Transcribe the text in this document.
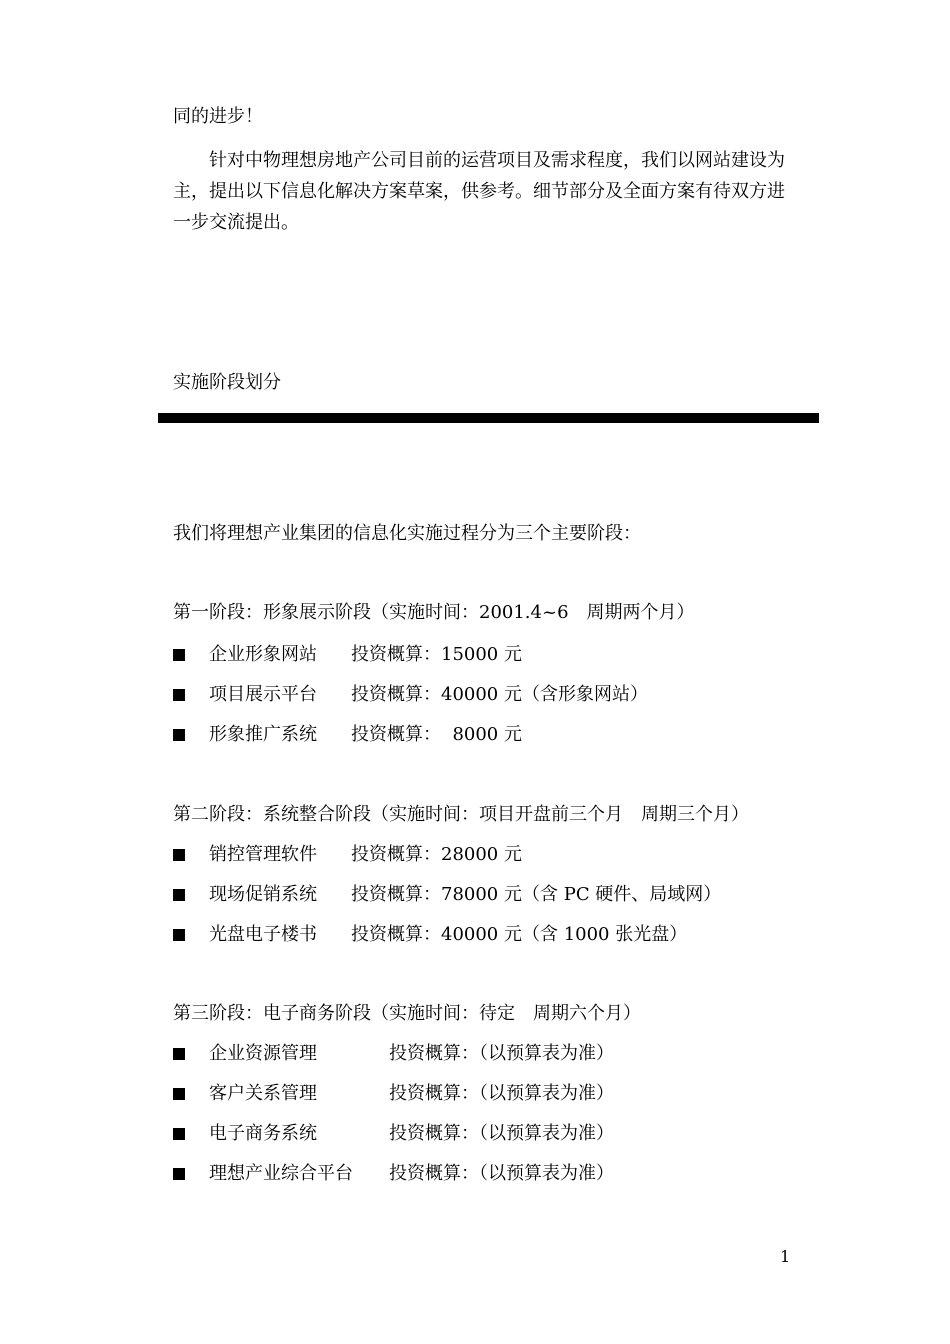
同的进步！
针对中物理想房地产公司目前的运营项目及需求程度，我们以网站建设为主，提出以下信息化解决方案草案，供参考。细节部分及全面方案有待双方进一步交流提出。
实施阶段划分
我们将理想产业集团的信息化实施过程分为三个主要阶段：
第一阶段：形象展示阶段（实施时间：2001.4~6　周期两个月）
企业形象网站 投资概算：15000 元
项目展示平台 投资概算：40000 元（含形象网站）
形象推广系统 投资概算：  8000 元
第二阶段：系统整合阶段（实施时间：项目开盘前三个月　周期三个月）
销控管理软件 投资概算：28000 元
现场促销系统 投资概算：78000 元（含 PC 硬件、局域网）
光盘电子楼书 投资概算：40000 元（含 1000 张光盘）
第三阶段：电子商务阶段（实施时间：待定　周期六个月）
企业资源管理	投资概算：（以预算表为准）
客户关系管理	投资概算：（以预算表为准）
电子商务系统	投资概算：（以预算表为准）
理想产业综合平台 投资概算：（以预算表为准）
1
